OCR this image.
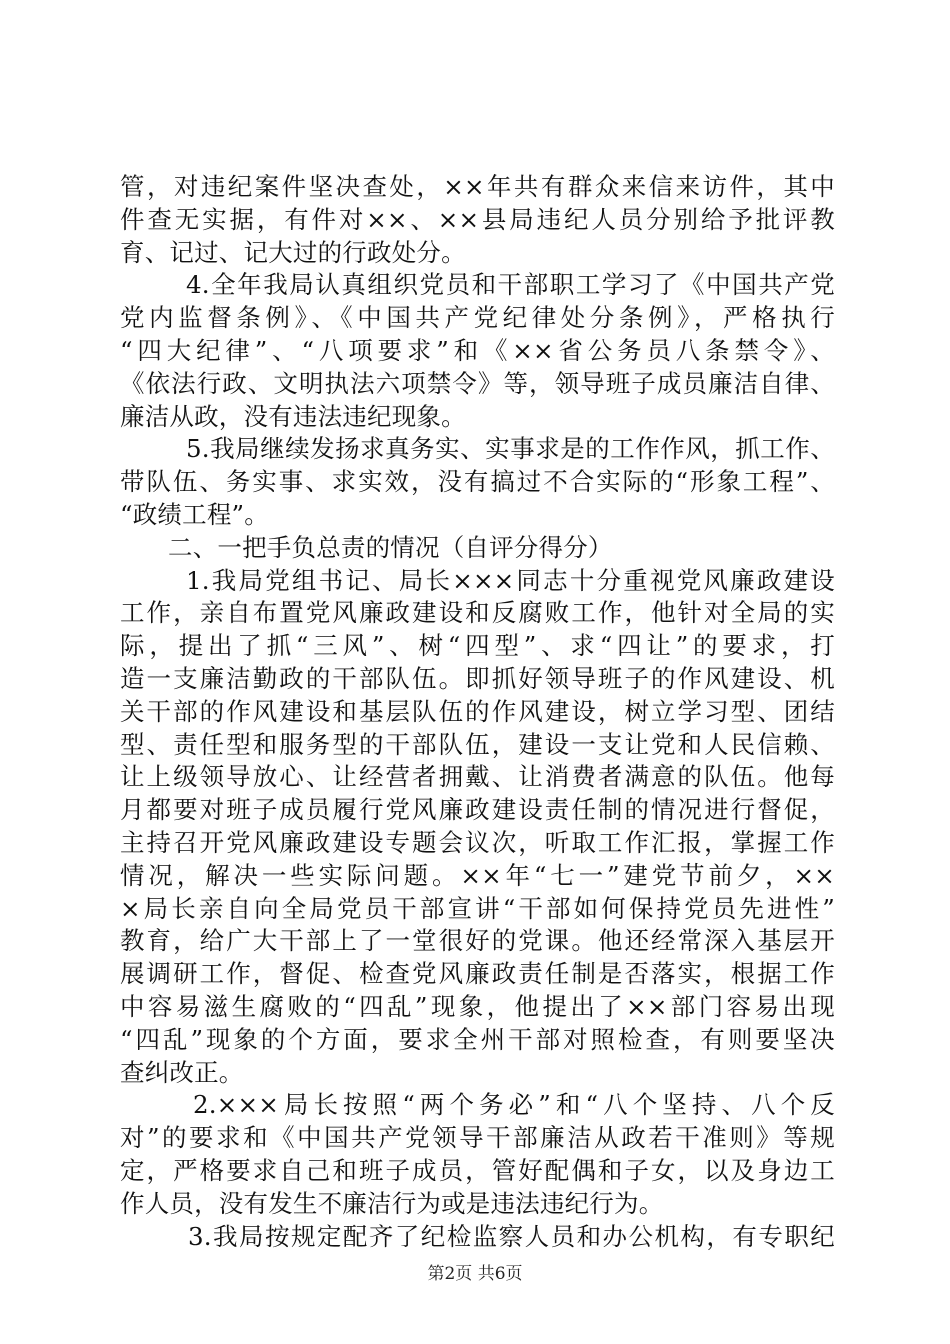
管，对违纪案件坚决查处，××年共有群众来信来访件，其中
件查无实据，有件对××、××县局违纪人员分别给予批评教
育、记过、记大过的行政处分。
4.全年我局认真组织党员和干部职工学习了《中国共产党
党内监督条例》、《中国共产党纪律处分条例》，严格执行
“四大纪律”、“八项要求”和《××省公务员八条禁令》、
《依法行政、文明执法六项禁令》等，领导班子成员廉洁自律、
廉洁从政，没有违法违纪现象。
5.我局继续发扬求真务实、实事求是的工作作风，抓工作、
带队伍、务实事、求实效，没有搞过不合实际的“形象工程”、
“政绩工程”。
二、一把手负总责的情况（自评分得分）
1.我局党组书记、局长×××同志十分重视党风廉政建设
工作，亲自布置党风廉政建设和反腐败工作，他针对全局的实
际，提出了抓“三风”、树“四型”、求“四让”的要求，打
造一支廉洁勤政的干部队伍。即抓好领导班子的作风建设、机
关干部的作风建设和基层队伍的作风建设，树立学习型、团结
型、责任型和服务型的干部队伍，建设一支让党和人民信赖、
让上级领导放心、让经营者拥戴、让消费者满意的队伍。他每
月都要对班子成员履行党风廉政建设责任制的情况进行督促，
主持召开党风廉政建设专题会议次，听取工作汇报，掌握工作
情况，解决一些实际问题。××年“七一”建党节前夕，××
×局长亲自向全局党员干部宣讲“干部如何保持党员先进性”
教育，给广大干部上了一堂很好的党课。他还经常深入基层开
展调研工作，督促、检查党风廉政责任制是否落实，根据工作
中容易滋生腐败的“四乱”现象，他提出了××部门容易出现
“四乱”现象的个方面，要求全州干部对照检查，有则要坚决
查纠改正。
2.×××局长按照“两个务必”和“八个坚持、八个反
对”的要求和《中国共产党领导干部廉洁从政若干准则》等规
定，严格要求自己和班子成员，管好配偶和子女，以及身边工
作人员，没有发生不廉洁行为或是违法违纪行为。
3.我局按规定配齐了纪检监察人员和办公机构，有专职纪
第2页 共6页
